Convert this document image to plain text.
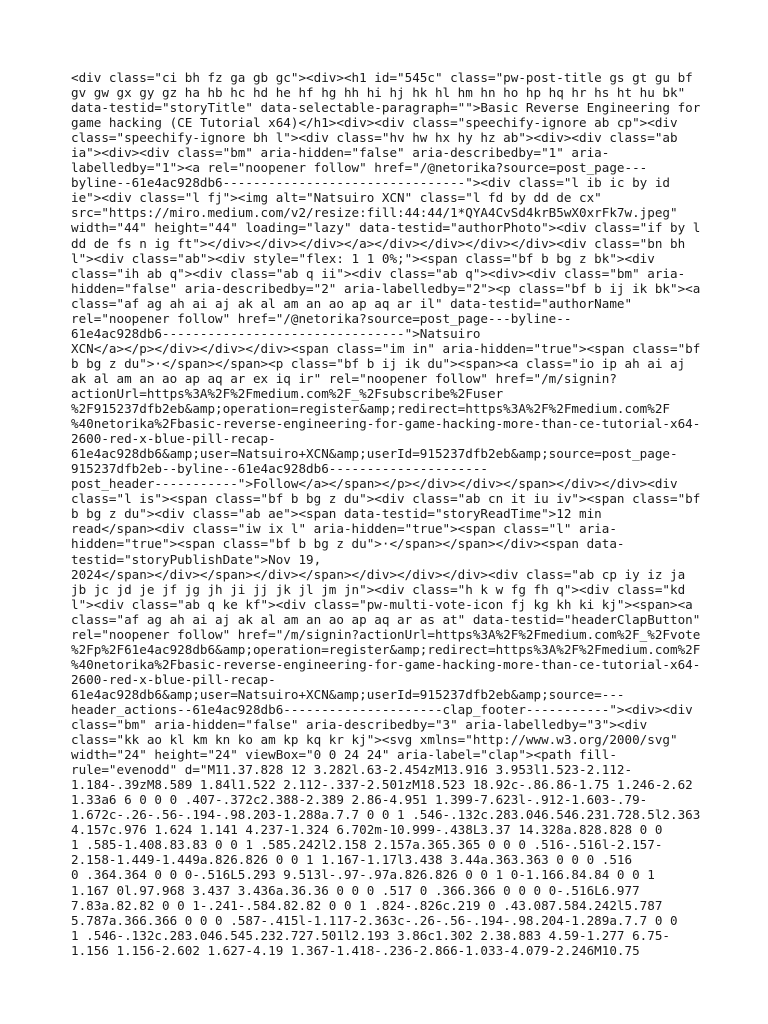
<div class="ci bh fz ga gb gc"><div><h1 id="545c" class="pw-post-title gs gt gu bf

gv gw gx gy gz ha hb hc hd he hf hg hh hi hj hk hl hm hn ho hp hq hr hs ht hu bk"

data-testid="storyTitle" data-selectable-paragraph="">Basic Reverse Engineering for

game hacking (CE Tutorial x64)</h1><div><div class="speechify-ignore ab cp"><div

class="speechify-ignore bh l"><div class="hv hw hx hy hz ab"><div><div class="ab

ia"><div><div class="bm" aria-hidden="false" aria-describedby="1" aria-

labelledby="1"><a rel="noopener follow" href="/@netorika?source=post_page---

byline--61e4ac928db6--------------------------------"><div class="l ib ic by id

ie"><div class="l fj"><img alt="Natsuiro XCN" class="l fd by dd de cx"

src="https://miro.medium.com/v2/resize:fill:44:44/1*QYA4CvSd4krB5wX0xrFk7w.jpeg"

width="44" height="44" loading="lazy" data-testid="authorPhoto"><div class="if by l

dd de fs n ig ft"></div></div></div></a></div></div></div></div><div class="bn bh

l"><div class="ab"><div style="flex: 1 1 0%;"><span class="bf b bg z bk"><div

class="ih ab q"><div class="ab q ii"><div class="ab q"><div><div class="bm" aria-

hidden="false" aria-describedby="2" aria-labelledby="2"><p class="bf b ij ik bk"><a

class="af ag ah ai aj ak al am an ao ap aq ar il" data-testid="authorName"

rel="noopener follow" href="/@netorika?source=post_page---byline--

61e4ac928db6--------------------------------">Natsuiro

XCN</a></p></div></div></div><span class="im in" aria-hidden="true"><span class="bf

b bg z du">·</span></span><p class="bf b ij ik du"><span><a class="io ip ah ai aj

ak al am an ao ap aq ar ex iq ir" rel="noopener follow" href="/m/signin?

actionUrl=https%3A%2F%2Fmedium.com%2F_%2Fsubscribe%2Fuser

%2F915237dfb2eb&amp;operation=register&amp;redirect=https%3A%2F%2Fmedium.com%2F

%40netorika%2Fbasic-reverse-engineering-for-game-hacking-more-than-ce-tutorial-x64-

2600-red-x-blue-pill-recap-

61e4ac928db6&amp;user=Natsuiro+XCN&amp;userId=915237dfb2eb&amp;source=post_page-

915237dfb2eb--byline--61e4ac928db6---------------------

post_header-----------">Follow</a></span></p></div></div></span></div></div><div

class="l is"><span class="bf b bg z du"><div class="ab cn it iu iv"><span class="bf

b bg z du"><div class="ab ae"><span data-testid="storyReadTime">12 min

read</span><div class="iw ix l" aria-hidden="true"><span class="l" aria-

hidden="true"><span class="bf b bg z du">·</span></span></div><span data-

testid="storyPublishDate">Nov 19,

2024</span></div></span></div></span></div></div></div><div class="ab cp iy iz ja

jb jc jd je jf jg jh ji jj jk jl jm jn"><div class="h k w fg fh q"><div class="kd

l"><div class="ab q ke kf"><div class="pw-multi-vote-icon fj kg kh ki kj"><span><a

class="af ag ah ai aj ak al am an ao ap aq ar as at" data-testid="headerClapButton"

rel="noopener follow" href="/m/signin?actionUrl=https%3A%2F%2Fmedium.com%2F_%2Fvote

%2Fp%2F61e4ac928db6&amp;operation=register&amp;redirect=https%3A%2F%2Fmedium.com%2F

%40netorika%2Fbasic-reverse-engineering-for-game-hacking-more-than-ce-tutorial-x64-

2600-red-x-blue-pill-recap-

61e4ac928db6&amp;user=Natsuiro+XCN&amp;userId=915237dfb2eb&amp;source=---

header_actions--61e4ac928db6---------------------clap_footer-----------"><div><div

class="bm" aria-hidden="false" aria-describedby="3" aria-labelledby="3"><div

class="kk ao kl km kn ko am kp kq kr kj"><svg xmlns="http://www.w3.org/2000/svg"

width="24" height="24" viewBox="0 0 24 24" aria-label="clap"><path fill-

rule="evenodd" d="M11.37.828 12 3.282l.63-2.454zM13.916 3.953l1.523-2.112-

1.184-.39zM8.589 1.84l1.522 2.112-.337-2.501zM18.523 18.92c-.86.86-1.75 1.246-2.62

1.33a6 6 0 0 0 .407-.372c2.388-2.389 2.86-4.951 1.399-7.623l-.912-1.603-.79-

1.672c-.26-.56-.194-.98.203-1.288a.7.7 0 0 1 .546-.132c.283.046.546.231.728.5l2.363

4.157c.976 1.624 1.141 4.237-1.324 6.702m-10.999-.438L3.37 14.328a.828.828 0 0

1 .585-1.408.83.83 0 0 1 .585.242l2.158 2.157a.365.365 0 0 0 .516-.516l-2.157-

2.158-1.449-1.449a.826.826 0 0 1 1.167-1.17l3.438 3.44a.363.363 0 0 0 .516

0 .364.364 0 0 0-.516L5.293 9.513l-.97-.97a.826.826 0 0 1 0-1.166.84.84 0 0 1

1.167 0l.97.968 3.437 3.436a.36.36 0 0 0 .517 0 .366.366 0 0 0 0-.516L6.977

7.83a.82.82 0 0 1-.241-.584.82.82 0 0 1 .824-.826c.219 0 .43.087.584.242l5.787

5.787a.366.366 0 0 0 .587-.415l-1.117-2.363c-.26-.56-.194-.98.204-1.289a.7.7 0 0

1 .546-.132c.283.046.545.232.727.501l2.193 3.86c1.302 2.38.883 4.59-1.277 6.75-

1.156 1.156-2.602 1.627-4.19 1.367-1.418-.236-2.866-1.033-4.079-2.246M10.75
